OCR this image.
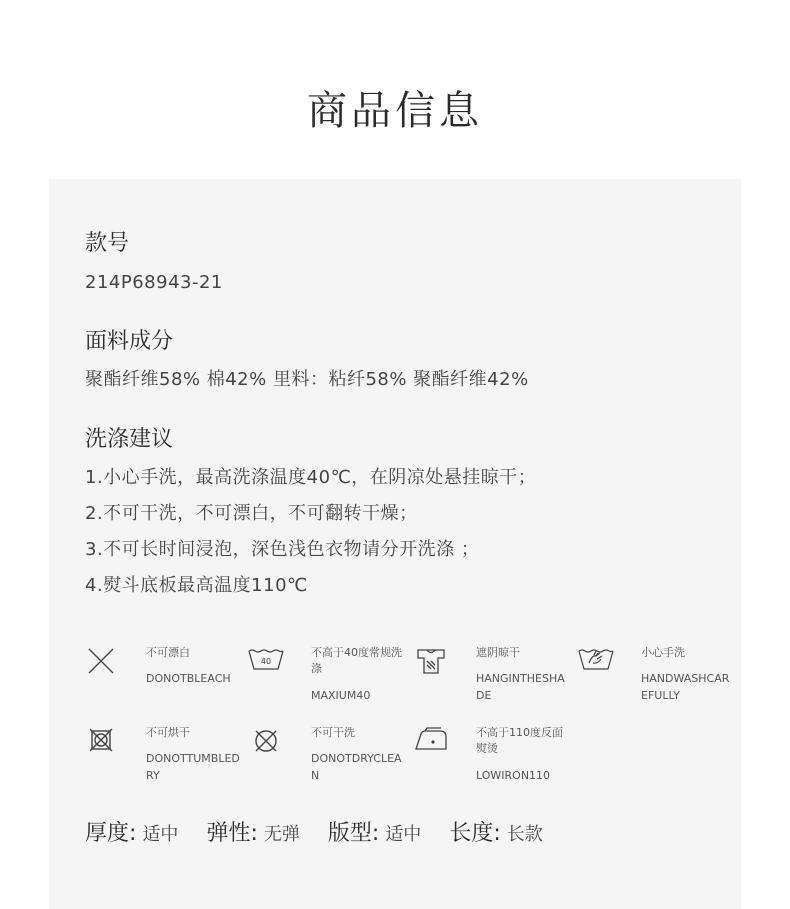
商品信息
款号
214P68943-21
面料成分
聚酯纤维58% 棉42% 里料：粘纤58% 聚酯纤维42%
洗涤建议
1.小心手洗，最高洗涤温度40℃，在阴凉处悬挂晾干；
2.不可干洗，不可漂白，不可翻转干燥；
3.不可长时间浸泡，深色浅色衣物请分开洗涤 ；
4.熨斗底板最高温度110℃
不可漂白
DONOTBLEACH
40
不高于40度常规洗涤
MAXIUM40
遮阴晾干
HANGINTHESHADE
小心手洗
HANDWASHCAREFULLY
不可烘干
DONOTTUMBLEDRY
不可干洗
DONOTDRYCLEAN
不高于110度反面熨烫
LOWIRON110
厚度 : 适中 弹性 : 无弹 版型 : 适中 长度 : 长款
